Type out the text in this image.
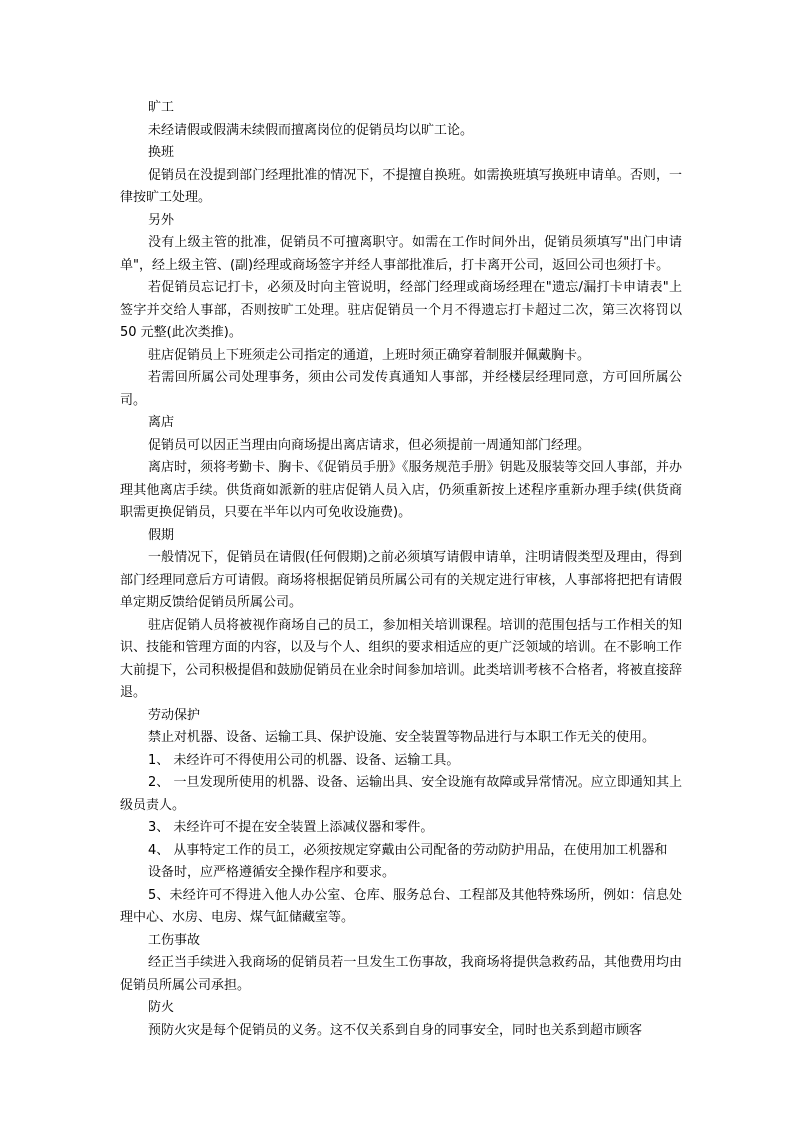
旷工
未经请假或假满未续假而擅离岗位的促销员均以旷工论。
换班
促销员在没提到部门经理批准的情况下，不提擅自换班。如需换班填写换班申请单。否则，一律按旷工处理。
另外
没有上级主管的批准，促销员不可擅离职守。如需在工作时间外出，促销员须填写"出门申请单"，经上级主管、(副)经理或商场签字并经人事部批准后，打卡离开公司，返回公司也须打卡。
若促销员忘记打卡，必须及时向主管说明，经部门经理或商场经理在"遗忘/漏打卡申请表"上签字并交给人事部，否则按旷工处理。驻店促销员一个月不得遗忘打卡超过二次，第三次将罚以 50 元整(此次类推)。
驻店促销员上下班须走公司指定的通道，上班时须正确穿着制服并佩戴胸卡。
若需回所属公司处理事务，须由公司发传真通知人事部，并经楼层经理同意，方可回所属公司。
离店
促销员可以因正当理由向商场提出离店请求，但必须提前一周通知部门经理。
离店时，须将考勤卡、胸卡、《促销员手册》《服务规范手册》钥匙及服装等交回人事部，并办理其他离店手续。供货商如派新的驻店促销人员入店，仍须重新按上述程序重新办理手续(供货商职需更换促销员，只要在半年以内可免收设施费)。
假期
一般情况下，促销员在请假(任何假期)之前必须填写请假申请单，注明请假类型及理由，得到部门经理同意后方可请假。商场将根据促销员所属公司有的关规定进行审核，人事部将把把有请假单定期反馈给促销员所属公司。
驻店促销人员将被视作商场自己的员工，参加相关培训课程。培训的范围包括与工作相关的知识、技能和管理方面的内容，以及与个人、组织的要求相适应的更广泛领域的培训。在不影响工作大前提下，公司积极提倡和鼓励促销员在业余时间参加培训。此类培训考核不合格者，将被直接辞退。
劳动保护
禁止对机器、设备、运输工具、保护设施、安全装置等物品进行与本职工作无关的使用。
1、 未经许可不得使用公司的机器、设备、运输工具。
2、 一旦发现所使用的机器、设备、运输出具、安全设施有故障或异常情况。应立即通知其上级员责人。
3、 未经许可不提在安全装置上添减仪器和零件。
4、 从事特定工作的员工，必须按规定穿戴由公司配备的劳动防护用品，在使用加工机器和
设备时，应严格遵循安全操作程序和要求。
5、未经许可不得进入他人办公室、仓库、服务总台、工程部及其他特殊场所，例如：信息处理中心、水房、电房、煤气缸储藏室等。
工伤事故
经正当手续进入我商场的促销员若一旦发生工伤事故，我商场将提供急救药品，其他费用均由促销员所属公司承担。
防火
预防火灾是每个促销员的义务。这不仅关系到自身的同事安全，同时也关系到超市顾客
